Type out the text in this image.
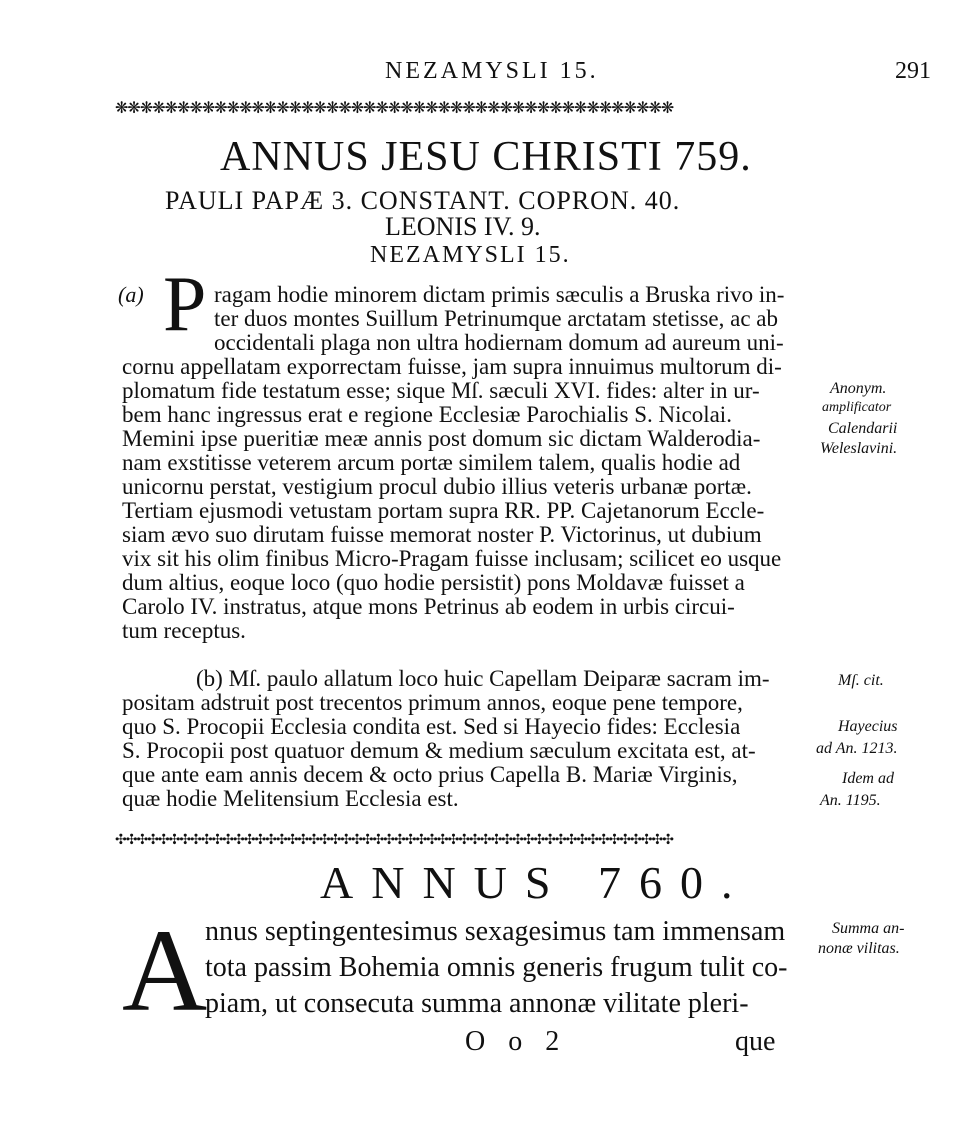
NEZAMYSLI 15.	291
❋❋❋❋❋❋❋❋❋❋❋❋❋❋❋❋❋❋❋❋❋❋❋❋❋❋❋❋❋❋❋❋❋❋❋❋❋❋❋❋❋❋❋❋❋
ANNUS JESU CHRISTI 759.
PAULI PAPÆ 3. CONSTANT. COPRON. 40.
LEONIS IV. 9.
NEZAMYSLI 15.
(a) P ragam hodie minorem dictam primis sæculis a Bruska rivo in-
ter duos montes Suillum Petrinumque arctatam stetisse, ac ab
occidentali plaga non ultra hodiernam domum ad aureum uni-
cornu appellatam exporrectam fuisse, jam supra innuimus multorum di-
plomatum fide testatum esse; sique Mſ. sæculi XVI. fides: alter in ur-
bem hanc ingressus erat e regione Ecclesiæ Parochialis S. Nicolai.
Memini ipse pueritiæ meæ annis post domum sic dictam Walderodia-
nam exstitisse veterem arcum portæ similem talem, qualis hodie ad
unicornu perstat, vestigium procul dubio illius veteris urbanæ portæ.
Tertiam ejusmodi vetustam portam supra RR. PP. Cajetanorum Eccle-
siam ævo suo dirutam fuisse memorat noster P. Victorinus, ut dubium
vix sit his olim finibus Micro-Pragam fuisse inclusam; scilicet eo usque
dum altius, eoque loco (quo hodie persistit) pons Moldavæ fuisset a
Carolo IV. instratus, atque mons Petrinus ab eodem in urbis circui-
tum receptus.
Anonym.
amplificator
Calendarii
Weleslavini.
(b) Mſ. paulo allatum loco huic Capellam Deiparæ sacram im-
positam adstruit post trecentos primum annos, eoque pene tempore,
quo S. Procopii Ecclesia condita est. Sed si Hayecio fides: Ecclesia
S. Procopii post quatuor demum & medium sæculum excitata est, at-
que ante eam annis decem & octo prius Capella B. Mariæ Virginis,
quæ hodie Melitensium Ecclesia est.
Mſ. cit.
Hayecius
ad An. 1213.
Idem ad
An. 1195.
✣✣✣✣✣✣✣✣✣✣✣✣✣✣✣✣✣✣✣✣✣✣✣✣✣✣✣✣✣✣✣✣✣✣✣✣✣✣✣✣✣✣✣✣✣✣✣✣✣✣✣✣
ANNUS 760.
A
nnus septingentesimus sexagesimus tam immensam
tota passim Bohemia omnis generis frugum tulit co-
piam, ut consecuta summa annonæ vilitate pleri-
Summa an-
nonæ vilitas.
O o 2	que
